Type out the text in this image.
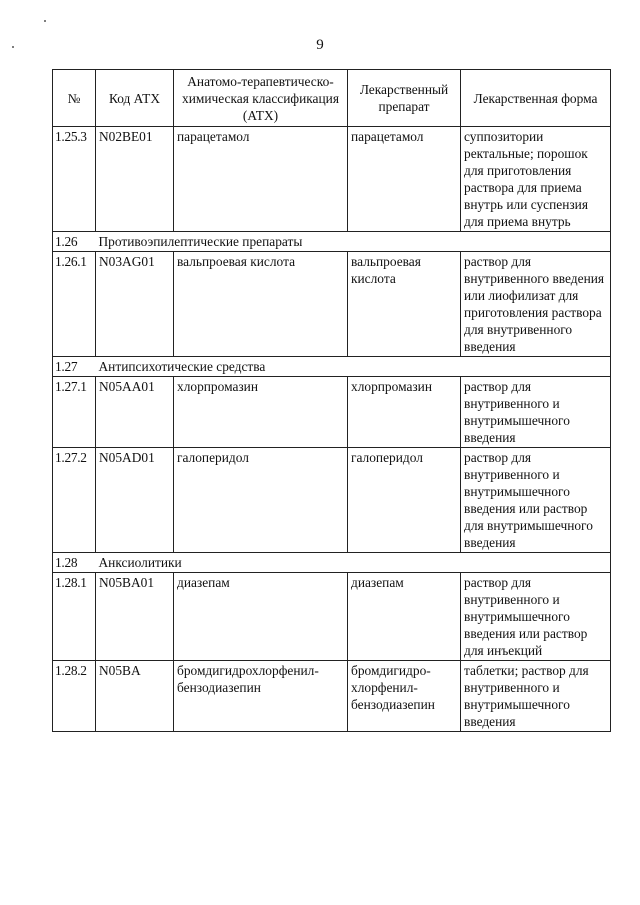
9
№	Код АТХ	Анатомо-терапевтическо-химическая классификация (АТХ)	Лекарственный препарат	Лекарственная форма
1.25.3	N02BE01	парацетамол	парацетамол	суппозитории ректальные; порошок для приготовления раствора для приема внутрь или суспензия для приема внутрь
1.26	Противоэпилептические препараты			
1.26.1	N03AG01	вальпроевая кислота	вальпроевая кислота	раствор для внутривенного введения или лиофилизат для приготовления раствора для внутривенного введения
1.27	Антипсихотические средства			
1.27.1	N05AA01	хлорпромазин	хлорпромазин	раствор для внутривенного и внутримышечного введения
1.27.2	N05AD01	галоперидол	галоперидол	раствор для внутривенного и внутримышечного введения или раствор для внутримышечного введения
1.28	Анксиолитики			
1.28.1	N05BA01	диазепам	диазепам	раствор для внутривенного и внутримышечного введения или раствор для инъекций
1.28.2	N05BA	бромдигидрохлорфенил-бензодиазепин	бромдигидро-хлорфенил-бензодиазепин	таблетки; раствор для внутривенного и внутримышечного введения
